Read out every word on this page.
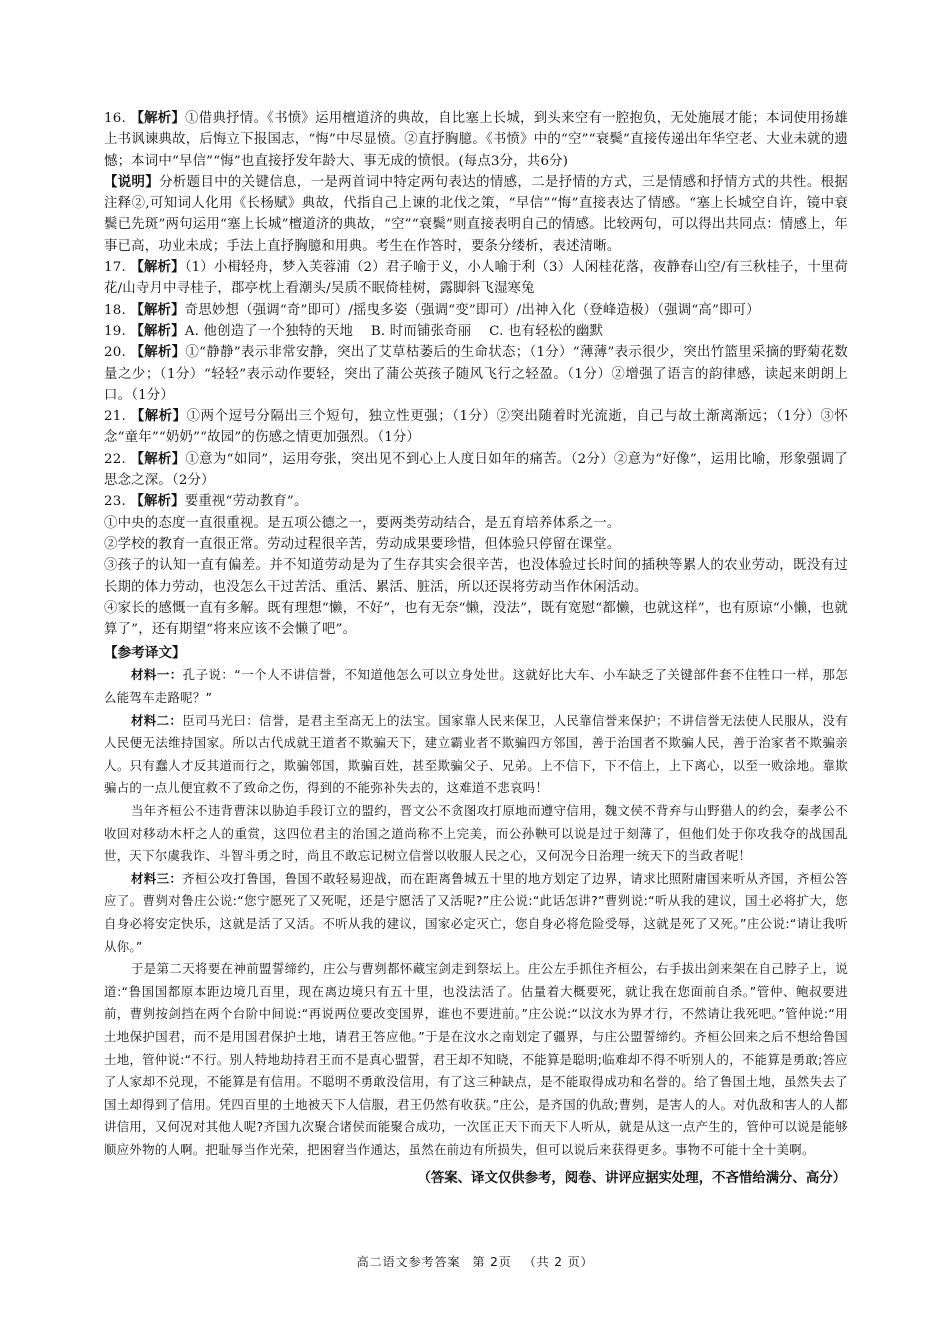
16. 【解析】①借典抒情。《书愤》运用檀道济的典故，自比塞上长城，到头来空有一腔抱负，无处施展才能；本词使用扬雄上书讽谏典故，后悔立下报国志，“悔”中尽显愤。②直抒胸臆。《书愤》中的“空”“衰鬓”直接传递出年华空老、大业未就的遗憾；本词中“早信”“悔”也直接抒发年龄大、事无成的愤恨。(每点3分，共6分)

【说明】分析题目中的关键信息，一是两首词中特定两句表达的情感，二是抒情的方式，三是情感和抒情方式的共性。根据注释②,可知词人化用《长杨赋》典故，代指自己上谏的北伐之策，“早信”“悔”直接表达了情感。“塞上长城空自许，镜中衰鬓已先斑”两句运用“塞上长城”檀道济的典故，“空”“衰鬓”则直接表明自己的情感。比较两句，可以得出共同点：情感上，年事已高，功业未成；手法上直抒胸臆和用典。考生在作答时，要条分缕析，表述清晰。

17. 【解析】（1）小楫轻舟，梦入芙蓉浦（2）君子喻于义，小人喻于利（3）人闲桂花落，夜静春山空/有三秋桂子，十里荷花/山寺月中寻桂子，郡亭枕上看潮头/吴质不眠倚桂树，露脚斜飞湿寒兔

18. 【解析】奇思妙想（强调“奇”即可）/摇曳多姿（强调“变”即可）/出神入化（登峰造极）（强调“高”即可）

19. 【解析】A. 他创造了一个独特的天地    B. 时而铺张奇丽    C. 也有轻松的幽默

20. 【解析】①“静静”表示非常安静，突出了艾草枯萎后的生命状态；（1分）“薄薄”表示很少，突出竹篮里采摘的野菊花数量之少；（1分）“轻轻”表示动作要轻，突出了蒲公英孩子随风飞行之轻盈。（1分）②增强了语言的韵律感，读起来朗朗上口。（1分）

21. 【解析】①两个逗号分隔出三个短句，独立性更强；（1分）②突出随着时光流逝，自己与故土渐离渐远；（1分）③怀念“童年”“奶奶”“故园”的伤感之情更加强烈。（1分）

22. 【解析】①意为“如同”，运用夸张，突出见不到心上人度日如年的痛苦。（2分）②意为“好像”，运用比喻，形象强调了思念之深。（2分）

23. 【解析】要重视“劳动教育”。

①中央的态度一直很重视。是五项公德之一，要两类劳动结合，是五育培养体系之一。

②学校的教育一直很正常。劳动过程很辛苦，劳动成果要珍惜，但体验只停留在课堂。

③孩子的认知一直有偏差。并不知道劳动是为了生存其实会很辛苦，也没体验过长时间的插秧等累人的农业劳动，既没有过长期的体力劳动，也没怎么干过苦活、重活、累活、脏活，所以还误将劳动当作休闲活动。

④家长的感慨一直有多解。既有理想“懒，不好”，也有无奈“懒，没法”，既有宽慰“都懒，也就这样”，也有原谅“小懒，也就算了”，还有期望“将来应该不会懒了吧”。

【参考译文】

材料一：孔子说：“一个人不讲信誉，不知道他怎么可以立身处世。这就好比大车、小车缺乏了关键部件套不住牲口一样，那怎么能驾车走路呢？”

材料二：臣司马光曰：信誉，是君主至高无上的法宝。国家靠人民来保卫，人民靠信誉来保护；不讲信誉无法使人民服从，没有人民便无法维持国家。所以古代成就王道者不欺骗天下，建立霸业者不欺骗四方邻国，善于治国者不欺骗人民，善于治家者不欺骗亲人。只有蠢人才反其道而行之，欺骗邻国，欺骗百姓，甚至欺骗父子、兄弟。上不信下，下不信上，上下离心，以至一败涂地。靠欺骗占的一点儿便宜救不了致命之伤，得到的不能弥补失去的，这难道不悲哀吗！

当年齐桓公不违背曹沫以胁迫手段订立的盟约，晋文公不贪图攻打原地而遵守信用，魏文侯不背弃与山野猎人的约会，秦孝公不收回对移动木杆之人的重赏，这四位君主的治国之道尚称不上完美，而公孙鞅可以说是过于刻薄了，但他们处于你攻我夺的战国乱世，天下尔虞我诈、斗智斗勇之时，尚且不敢忘记树立信誉以收服人民之心，又何况今日治理一统天下的当政者呢！

材料三：齐桓公攻打鲁国，鲁国不敢轻易迎战，而在距离鲁城五十里的地方划定了边界，请求比照附庸国来听从齐国，齐桓公答应了。曹刿对鲁庄公说:“您宁愿死了又死呢，还是宁愿活了又活呢?”庄公说:“此话怎讲?”曹刿说:“听从我的建议，国土必将扩大，您自身必将安定快乐，这就是活了又活。不听从我的建议，国家必定灭亡，您自身必将危险受辱，这就是死了又死。”庄公说:“请让我听从你。”

于是第二天将要在神前盟誓缔约，庄公与曹刿都怀藏宝剑走到祭坛上。庄公左手抓住齐桓公，右手拔出剑来架在自己脖子上，说道:“鲁国国都原本距边境几百里，现在离边境只有五十里，也没法活了。估量着大概要死，就让我在您面前自杀。”管仲、鲍叔要进前，曹刿按剑挡在两个台阶中间说:“再说两位要改变国界，谁也不要进前。”庄公说:“以汶水为界才行，不然请让我死吧。”管仲说:“用土地保护国君，而不是用国君保护土地，请君王答应他。”于是在汶水之南划定了疆界，与庄公盟誓缔约。齐桓公回来之后不想给鲁国土地，管仲说:“不行。别人特地劫持君王而不是真心盟誓，君王却不知晓，不能算是聪明;临难却不得不听别人的，不能算是勇敢;答应了人家却不兑现，不能算是有信用。不聪明不勇敢没信用，有了这三种缺点，是不能取得成功和名誉的。给了鲁国土地，虽然失去了国土却得到了信用。凭四百里的土地被天下人信服，君王仍然有收获。”庄公，是齐国的仇敌;曹刿，是害人的人。对仇敌和害人的人都讲信用，又何况对其他人呢?齐国九次聚合诸侯而能聚合成功，一次匡正天下而天下人听从，就是从这一点产生的，管仲可以说是能够顺应外物的人啊。把耻辱当作光荣，把困窘当作通达，虽然在前边有所损失，但可以说后来获得更多。事物不可能十全十美啊。

（答案、译文仅供参考，阅卷、讲评应据实处理，不吝惜给满分、高分）

高二语文参考答案 第 2页 （共 2 页）
